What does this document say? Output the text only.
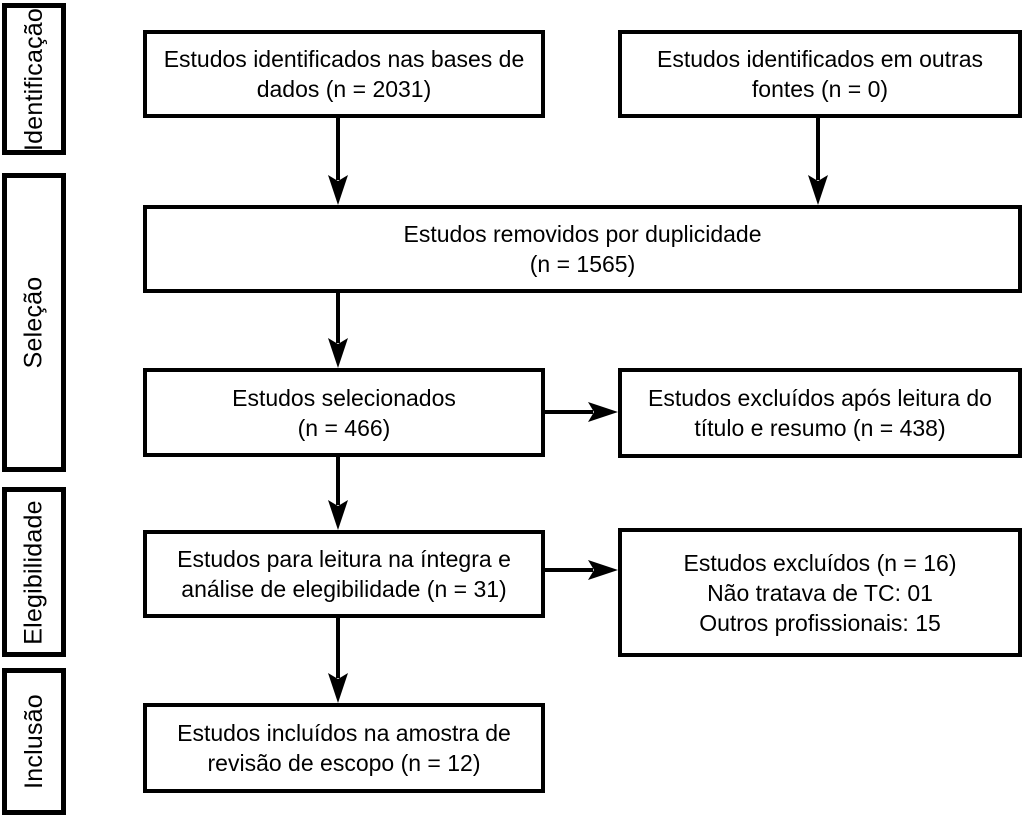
Identificação
Seleção
Elegibilidade
Inclusão
Estudos identificados nas bases de
dados (n = 2031)
Estudos identificados em outras
fontes (n = 0)
Estudos removidos por duplicidade
(n = 1565)
Estudos selecionados
(n = 466)
Estudos excluídos após leitura do
título e resumo (n = 438)
Estudos para leitura na íntegra e
análise de elegibilidade (n = 31)
Estudos excluídos (n = 16)
Não tratava de TC: 01
Outros profissionais: 15
Estudos incluídos na amostra de
revisão de escopo (n = 12)
